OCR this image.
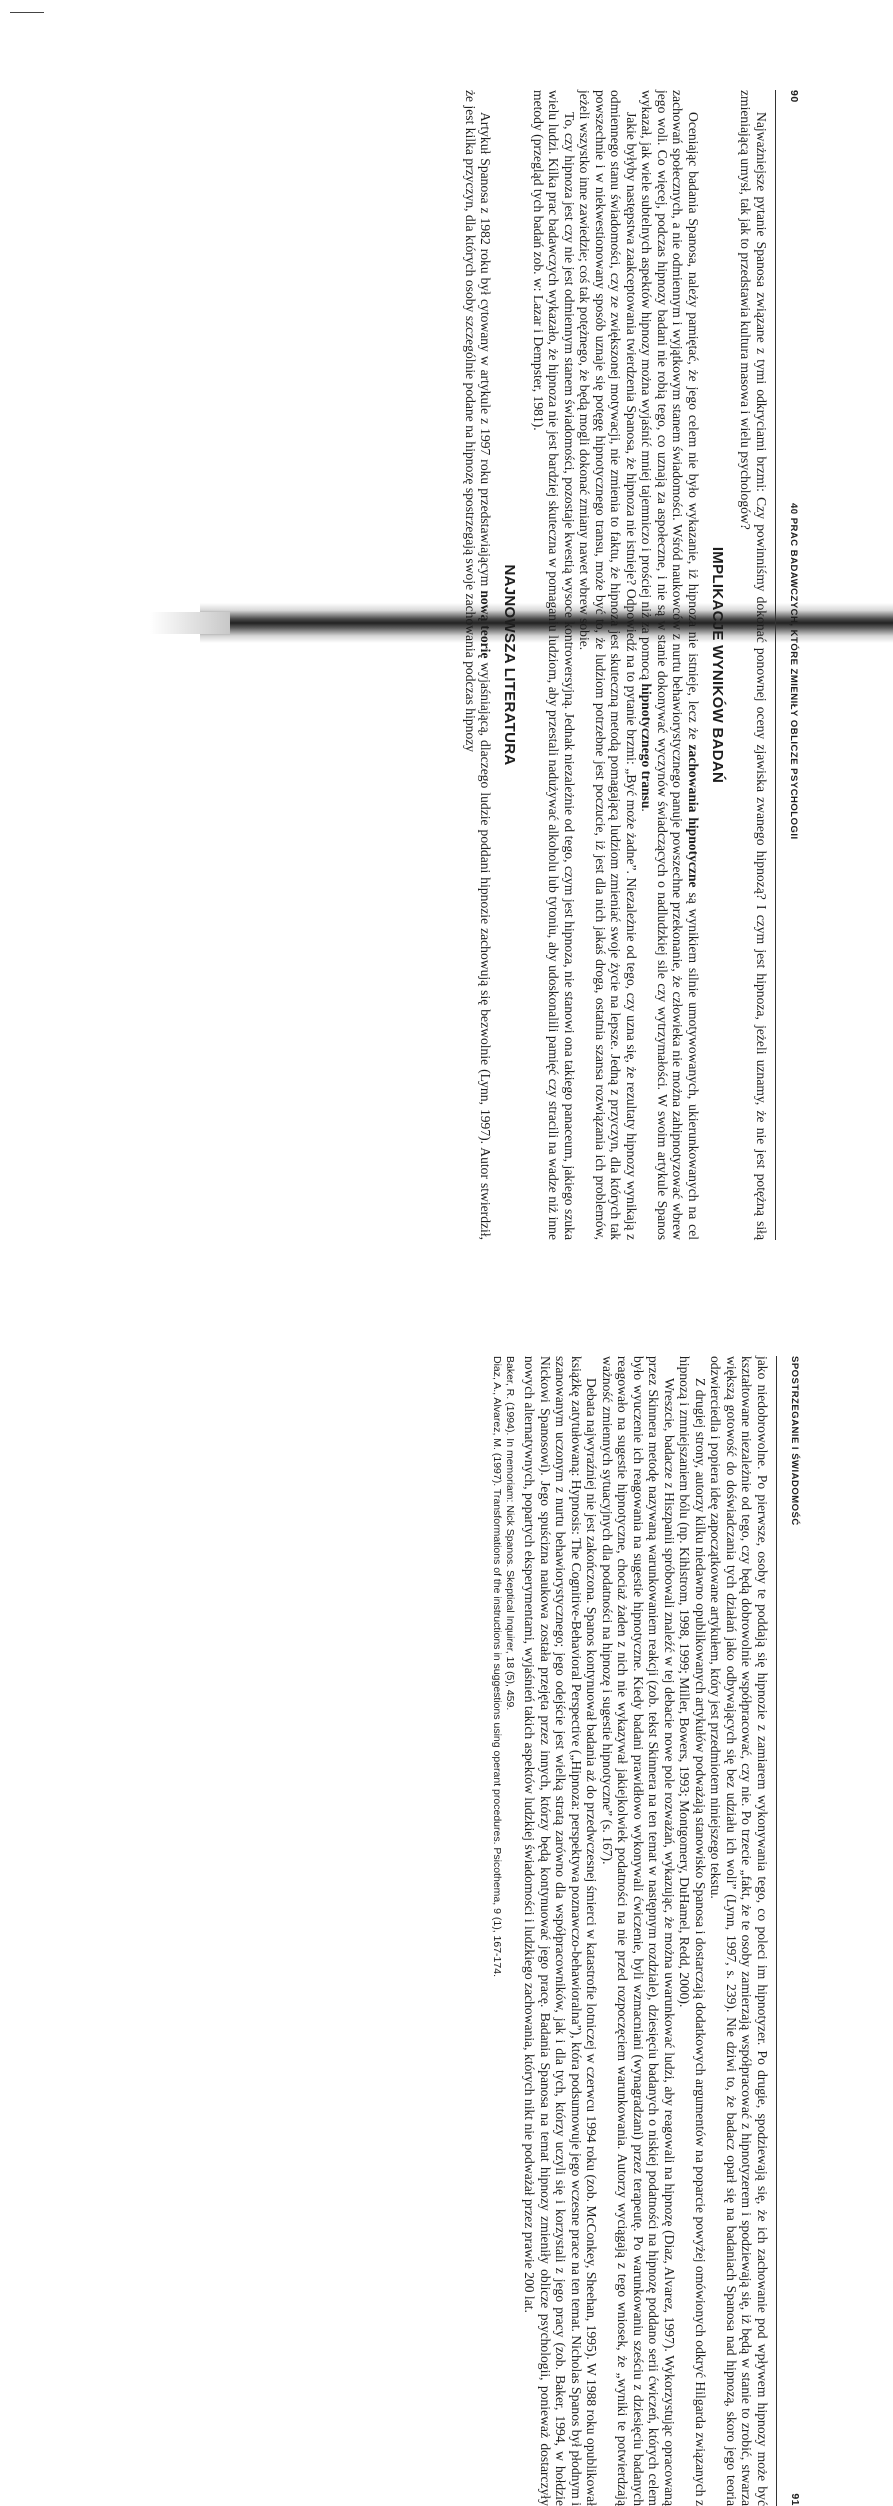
90
40 PRAC BADAWCZYCH, KTÓRE ZMIENIŁY OBLICZE PSYCHOLOGII

Najważniejsze pytanie Spanosa związane z tymi odkryciami brzmi: Czy powinniśmy dokonać ponownej oceny zjawiska zwanego hipnozą? I czym jest hipnoza, jeżeli uznamy, że nie jest potężną siłą zmieniającą umysł, tak jak to przedstawia kultura masowa i wielu psychologów?

IMPLIKACJE WYNIKÓW BADAŃ

Oceniając badania Spanosa, należy pamiętać, że jego celem nie było wykazanie, iż hipnoza nie istnieje, lecz że zachowania hipnotyczne są wynikiem silnie umotywowanych, ukierunkowanych na cel zachowań społecznych, a nie odmiennym i wyjątkowym stanem świadomości. Wśród naukowców z nurtu behawiorystycznego panuje powszechne przekonanie, że człowieka nie można zahipnotyzować wbrew jego woli. Co więcej, podczas hipnozy badani nie robią tego, co uznają za aspołeczne, i nie są w stanie dokonywać wyczynów świadczących o nadludzkiej sile czy wytrzymałości. W swoim artykule Spanos wykazał, jak wiele subtelnych aspektów hipnozy można wyjaśnić mniej tajemniczo i prościej niż za pomocą hipnotycznego transu.

Jakie byłyby następstwa zaakceptowania twierdzenia Spanosa, że hipnoza nie istnieje? Odpowiedź na to pytanie brzmi: „Być może żadne”. Niezależnie od tego, czy uzna się, że rezultaty hipnozy wynikają z odmiennego stanu świadomości, czy ze zwiększonej motywacji, nie zmienia to faktu, że hipnoza jest skuteczną metodą pomagającą ludziom zmieniać swoje życie na lepsze. Jedną z przyczyn, dla których tak powszechnie i w niekwestionowany sposób uznaje się potęgę hipnotycznego transu, może być to, że ludziom potrzebne jest poczucie, iż jest dla nich jakaś droga, ostatnia szansa rozwiązania ich problemów, jeżeli wszystko inne zawiedzie; coś tak potężnego, że będą mogli dokonać zmiany nawet wbrew sobie.

To, czy hipnoza jest czy nie jest odmiennym stanem świadomości, pozostaje kwestią wysoce kontrowersyjną. Jednak niezależnie od tego, czym jest hipnoza, nie stanowi ona takiego panaceum, jakiego szuka wielu ludzi. Kilka prac badawczych wykazało, że hipnoza nie jest bardziej skuteczna w pomaganiu ludziom, aby przestali nadużywać alkoholu lub tytoniu, aby udoskonalili pamięć czy stracili na wadze niż inne metody (przegląd tych badań zob. w: Lazar i Dempster, 1981).

NAJNOWSZA LITERATURA

Artykuł Spanosa z 1982 roku był cytowany w artykule z 1997 roku przedstawiającym nową teorię wyjaśniającą, dlaczego ludzie poddani hipnozie zachowują się bezwolnie (Lynn, 1997). Autor stwierdził, że jest kilka przyczyn, dla których osoby szczególnie podane na hipnozę spostrzegają swoje zachowania podczas hipnozy

SPOSTRZEGANIE I ŚWIADOMOŚĆ
91

jako niedobrowolne. Po pierwsze, osoby te poddają się hipnozie z zamiarem wykonywania tego, co poleci im hipnotyzer. Po drugie, spodziewają się, że ich zachowanie pod wpływem hipnozy może być kształtowane niezależnie od tego, czy będą dobrowolnie współpracować, czy nie. Po trzecie „fakt, że te osoby zamierzają współpracować z hipnotyzerem i spodziewają się, iż będą w stanie to zrobić, stwarza większą gotowość do doświadczania tych działań jako odbywających się bez udziału ich woli” (Lynn, 1997, s. 239). Nie dziwi to, że badacz oparł się na badaniach Spanosa nad hipnozą, skoro jego teoria odzwierciedla i popiera ideę zapoczątkowane artykułem, który jest przedmiotem niniejszego tekstu.

Z drugiej strony, autorzy kilku niedawno opublikowanych artykułów podważają stanowisko Spanosa i dostarczają dodatkowych argumentów na poparcie powyżej omówionych odkryć Hilgarda związanych z hipnozą i zmniejszaniem bólu (np. Kihlstrom, 1998, 1999; Miller, Bowers, 1993; Montgomery, DuHamel, Redd, 2000).

Wreszcie, badacze z Hiszpanii spróbowali znaleźć w tej debacie nowe pole rozważań, wykazując, że można uwarunkować ludzi, aby reagowali na hipnozę (Diaz, Alvarez, 1997). Wykorzystując opracowaną przez Skinnera metodę nazywaną warunkowaniem reakcji (zob. tekst Skinnera na ten temat w następnym rozdziale), dziesięciu badanych o niskiej podatności na hipnozę poddano serii ćwiczeń, których celem było wyuczenie ich reagowania na sugestie hipnotyczne. Kiedy badani prawidłowo wykonywali ćwiczenie, byli wzmacniani (wynagradzani) przez terapeutę. Po warunkowaniu sześciu z dziesięciu badanych reagowało na sugestie hipnotyczne, chociaż żaden z nich nie wykazywał jakiejkolwiek podatności na nie przed rozpoczęciem warunkowania. Autorzy wyciągają z tego wniosek, że „wyniki te potwierdzają ważność zmiennych sytuacyjnych dla podatności na hipnozę i sugestie hipnotyczne” (s. 167).

Debata najwyraźniej nie jest zakończona. Spanos kontynuował badania aż do przedwczesnej śmierci w katastrofie lotniczej w czerwcu 1994 roku (zob. McConkey, Sheehan, 1995). W 1988 roku opublikował książkę zatytułowaną: Hypnosis: The Cognitive-Behavioral Perspective („Hipnoza: perspektywa poznawczo-behawioralna”), która podsumowuje jego wczesne prace na ten temat. Nicholas Spanos był płodnym i szanowanym uczonym z nurtu behawiorystycznego; jego odejście jest wielką stratą zarówno dla współpracowników, jak i dla tych, którzy uczyli się i korzystali z jego pracy (zob. Baker, 1994, w hołdzie Nickowi Spanosowi). Jego spuścizna naukowa została przejęta przez innych, którzy będą kontynuować jego pracę. Badania Spanosa na temat hipnozy zmieniły oblicze psychologii, ponieważ dostarczyły nowych alternatywnych, popartych eksperymentami, wyjaśnień takich aspektów ludzkiej świadomości i ludzkiego zachowania, których nikt nie podważał przez prawie 200 lat.

Baker, R. (1994). In memoriam: Nick Spanos. Skeptical Inquirer, 18 (5), 459.
Diaz, A., Alvarez, M. (1997). Transformations of the instructions in suggestions using operant procedures. Psicothema, 9 (1), 167-174.
